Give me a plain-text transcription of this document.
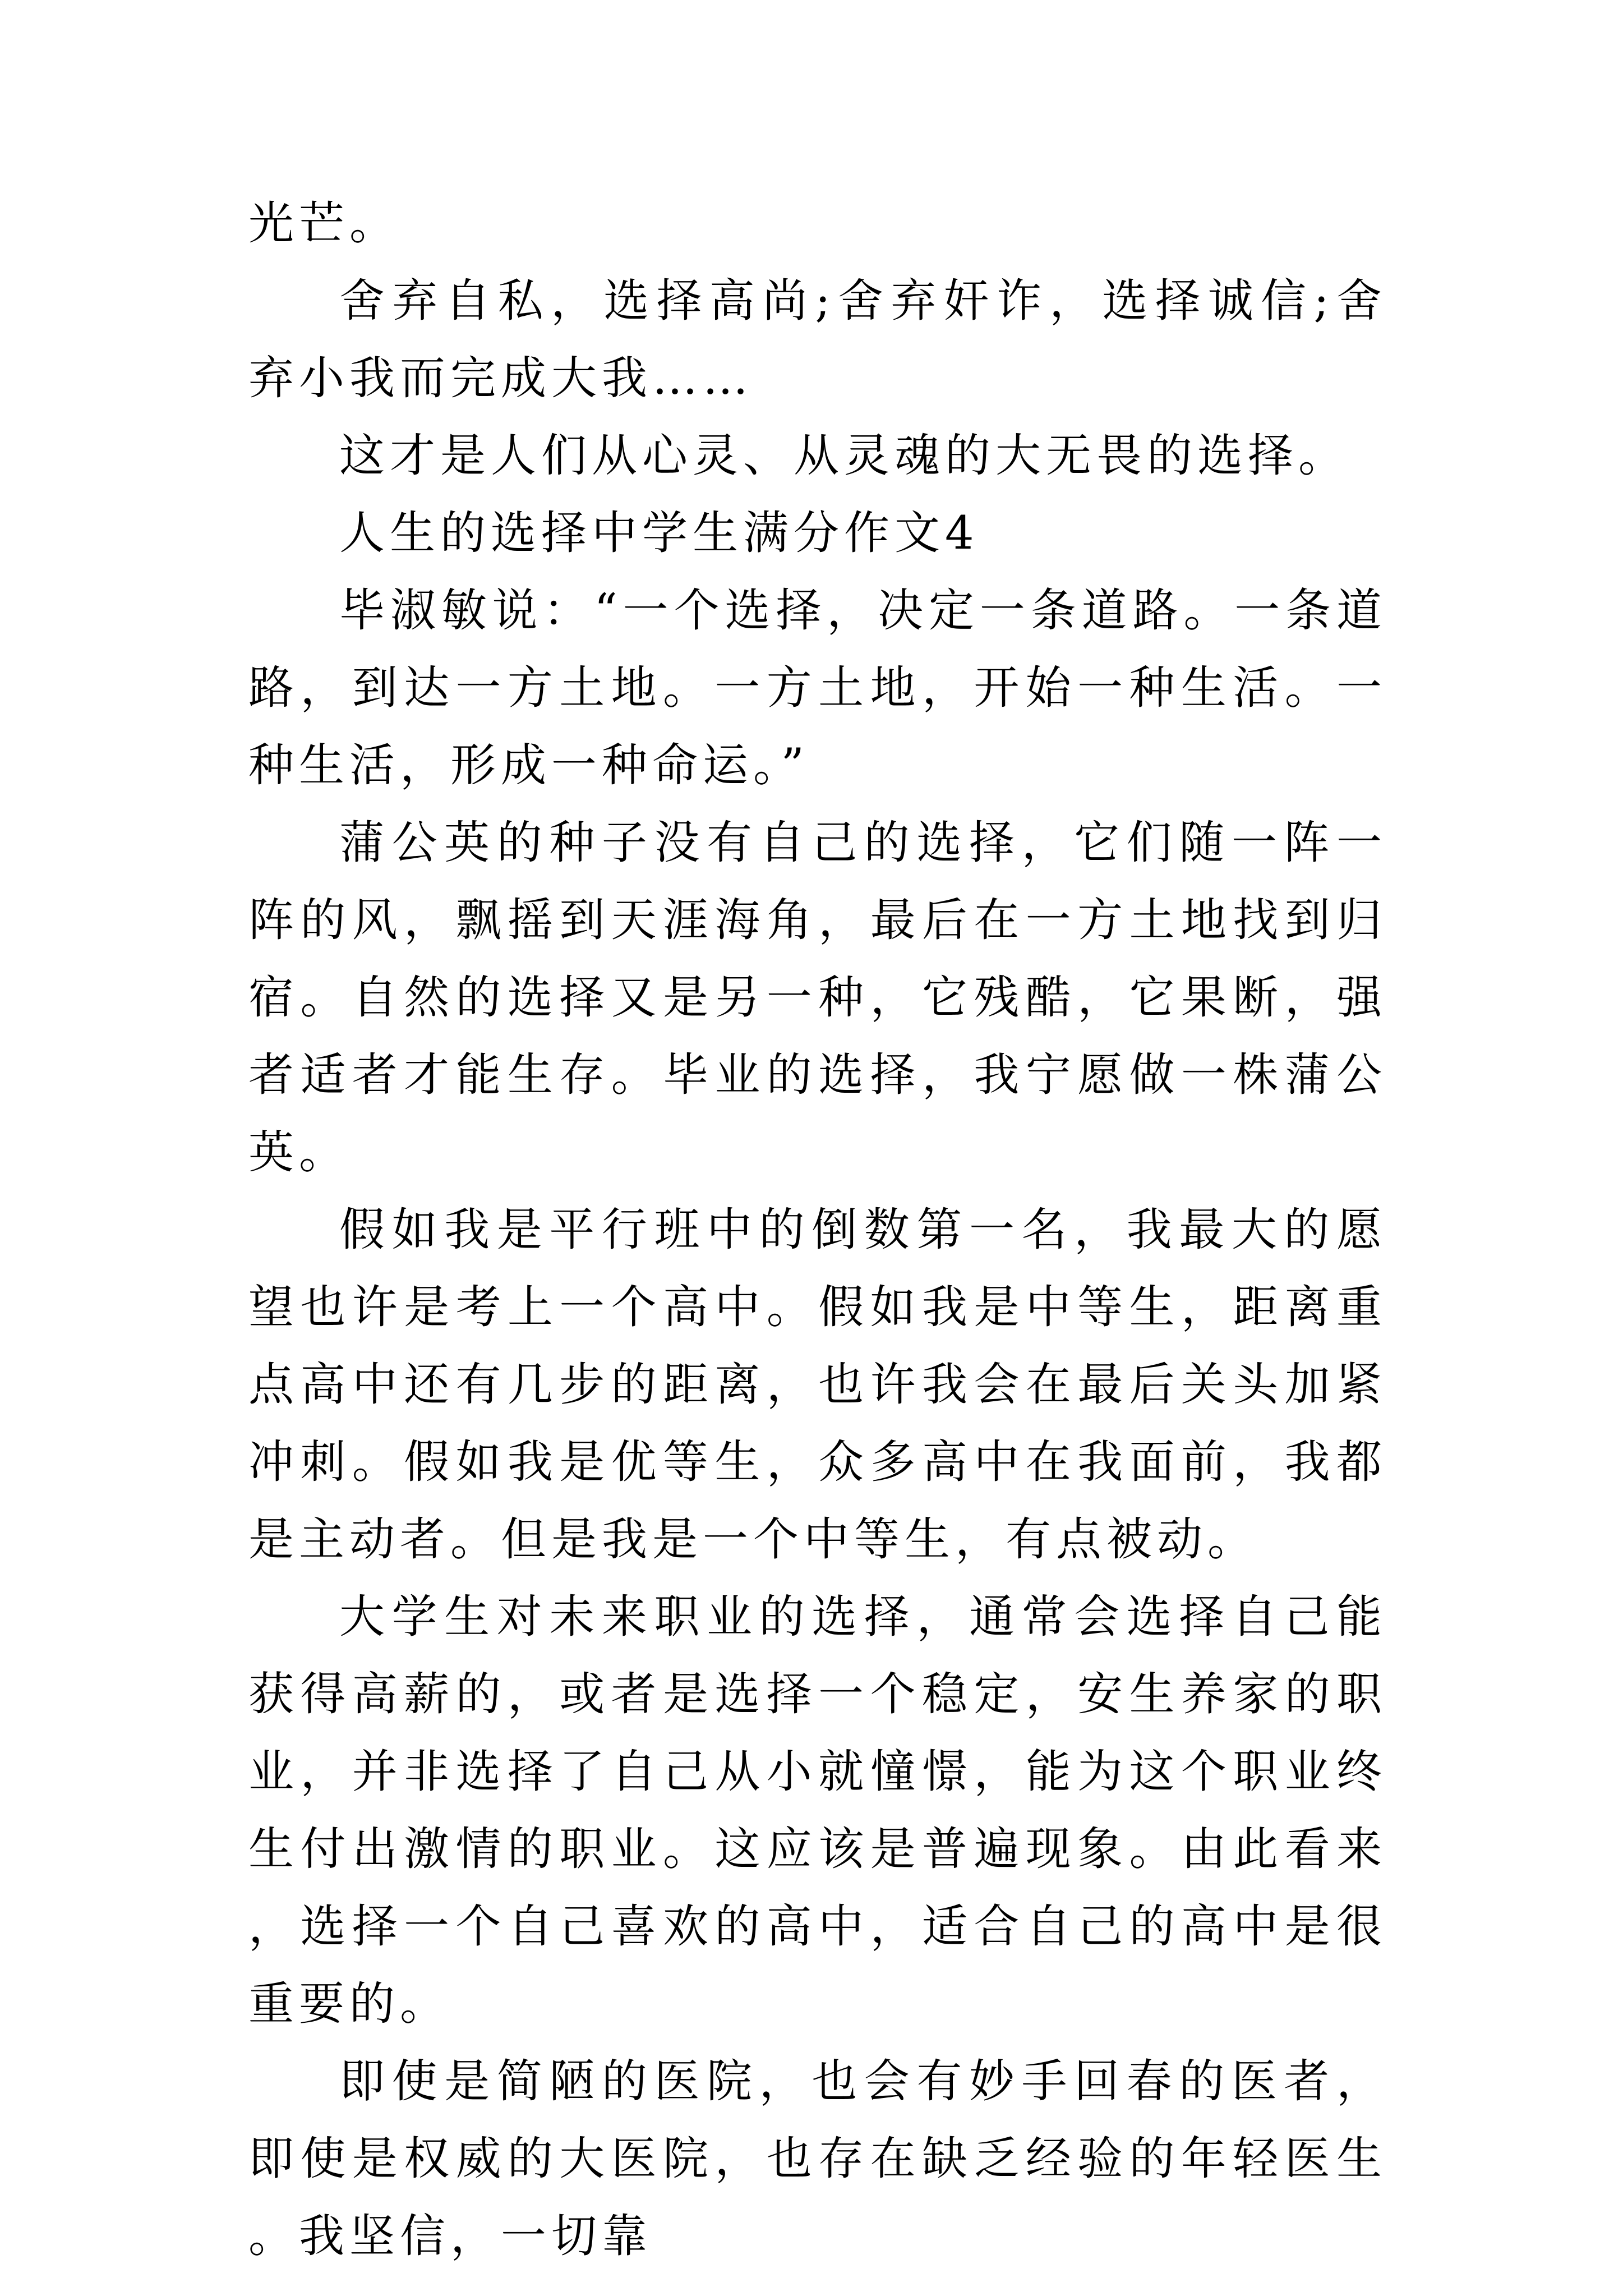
光芒。

舍弃自私，选择高尚;舍弃奸诈，选择诚信;舍弃小我而完成大我……

这才是人们从心灵、从灵魂的大无畏的选择。

人生的选择中学生满分作文4

毕淑敏说：“一个选择，决定一条道路。一条道路，到达一方土地。一方土地，开始一种生活。一种生活，形成一种命运。”

蒲公英的种子没有自己的选择，它们随一阵一阵的风，飘摇到天涯海角，最后在一方土地找到归宿。自然的选择又是另一种，它残酷，它果断，强者适者才能生存。毕业的选择，我宁愿做一株蒲公英。

假如我是平行班中的倒数第一名，我最大的愿望也许是考上一个高中。假如我是中等生，距离重点高中还有几步的距离，也许我会在最后关头加紧冲刺。假如我是优等生，众多高中在我面前，我都是主动者。但是我是一个中等生，有点被动。

大学生对未来职业的选择，通常会选择自己能获得高薪的，或者是选择一个稳定，安生养家的职业，并非选择了自己从小就憧憬，能为这个职业终生付出激情的职业。这应该是普遍现象。由此看来，选择一个自己喜欢的高中，适合自己的高中是很重要的。

即使是简陋的医院，也会有妙手回春的医者，即使是权威的大医院，也存在缺乏经验的年轻医生。我坚信，一切靠
